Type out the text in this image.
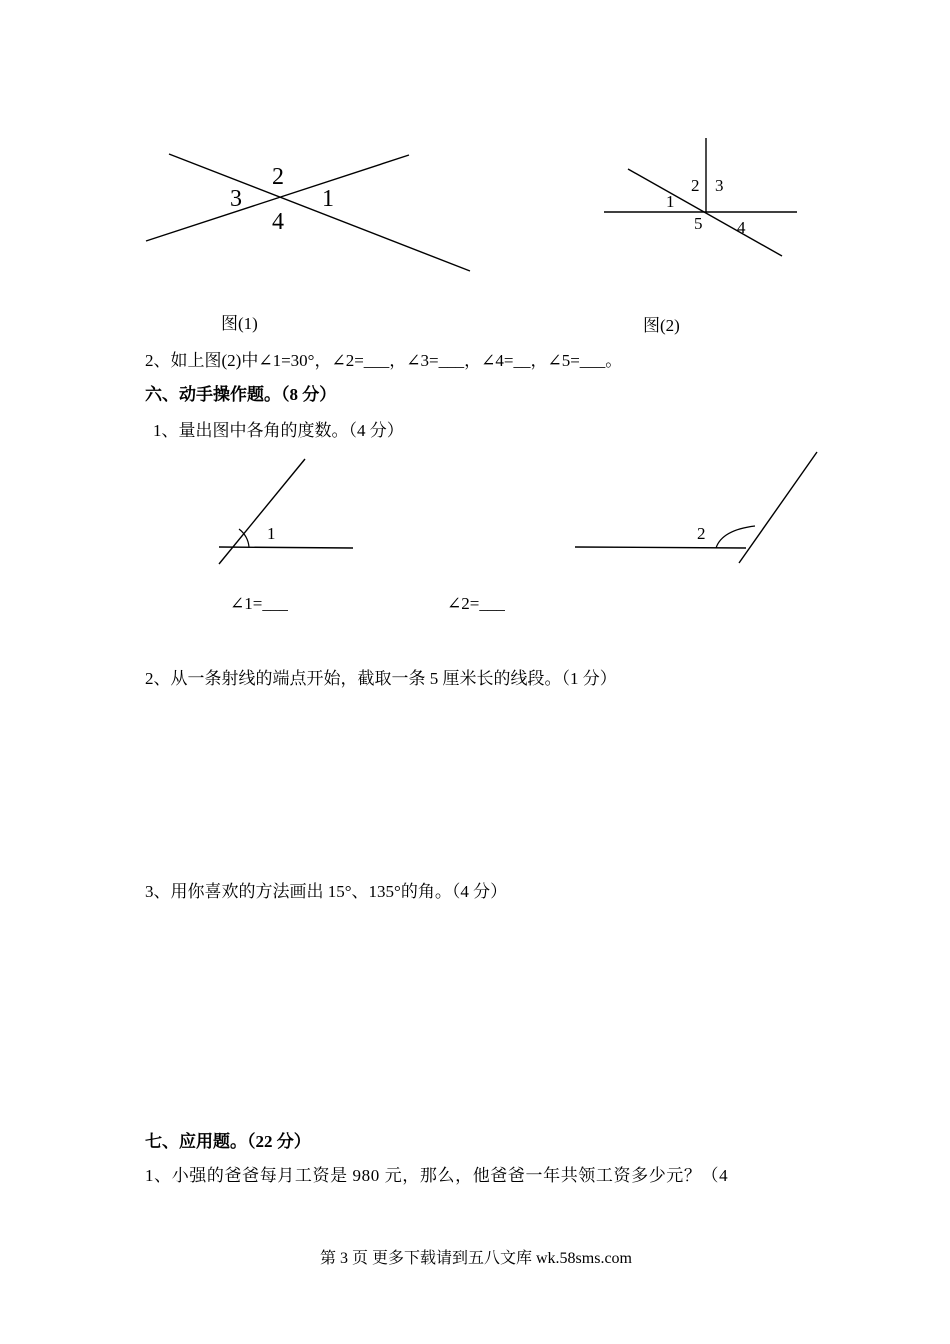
2
3	1
4
2 3
1
5 4
1	2
图(1)	图(2)
2、如上图(2)中∠1=30°，∠2=___，∠3=___，∠4=__，∠5=___。
六、动手操作题。（8 分）
1、量出图中各角的度数。（4 分）
∠1=___	∠2=___
2、从一条射线的端点开始，截取一条 5 厘米长的线段。（1 分）
3、用你喜欢的方法画出 15°、135°的角。（4 分）
七、应用题。（22 分）
1、小强的爸爸每月工资是 980 元，那么，他爸爸一年共领工资多少元？（4
第 3 页 更多下载请到五八文库 wk.58sms.com
